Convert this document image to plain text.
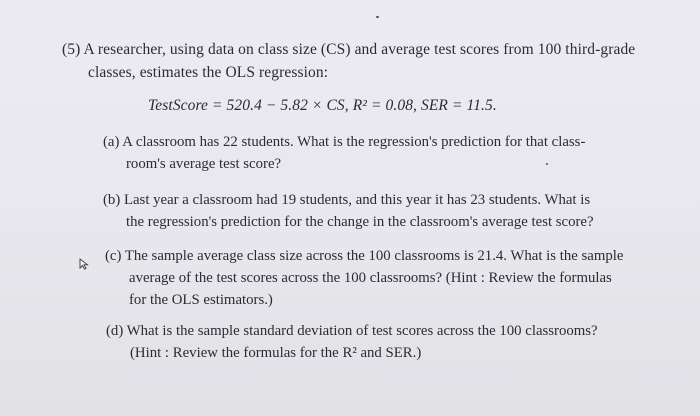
(5) A researcher, using data on class size (CS) and average test scores from 100 third-grade
classes, estimates the OLS regression:
TestScore = 520.4 − 5.82 × CS, R² = 0.08, SER = 11.5.
(a) A classroom has 22 students. What is the regression's prediction for that class-
room's average test score?
(b) Last year a classroom had 19 students, and this year it has 23 students. What is
the regression's prediction for the change in the classroom's average test score?
(c) The sample average class size across the 100 classrooms is 21.4. What is the sample
average of the test scores across the 100 classrooms? (Hint : Review the formulas
for the OLS estimators.)
(d) What is the sample standard deviation of test scores across the 100 classrooms?
(Hint : Review the formulas for the R² and SER.)
